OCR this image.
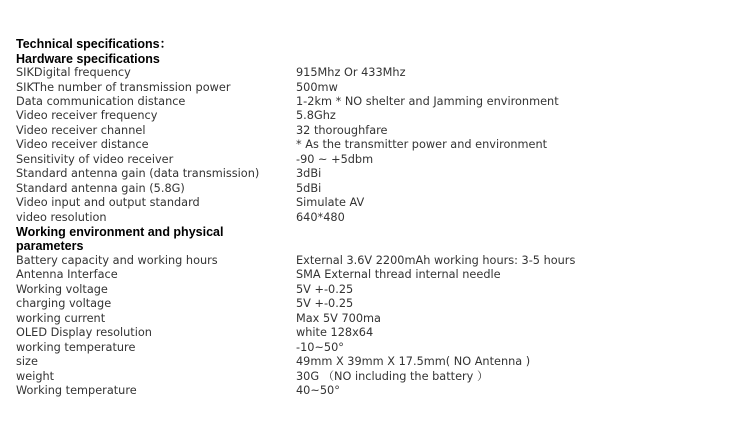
Technical specifications：
Hardware specifications	
SIKDigital frequency	915Mhz Or 433Mhz
SIKThe number of transmission power	500mw
Data communication distance	1-2km * NO shelter and Jamming environment
Video receiver frequency	5.8Ghz
Video receiver channel	32 thoroughfare
Video receiver distance	* As the transmitter power and environment
Sensitivity of video receiver	-90 ~ +5dbm
Standard antenna gain (data transmission)	3dBi
Standard antenna gain (5.8G)	5dBi
Video input and output standard	Simulate AV
video resolution	640*480

Working environment and physical parameters	

Battery capacity and working hours	External 3.6V 2200mAh working hours: 3-5 hours
Antenna Interface	SMA External thread internal needle
Working voltage	5V +-0.25
charging voltage	5V +-0.25
working current	Max 5V 700ma
OLED Display resolution	white 128x64
working temperature	-10~50°
size	49mm X 39mm X 17.5mm( NO Antenna )
weight	30G （NO including the battery ）
Working temperature	40~50°
